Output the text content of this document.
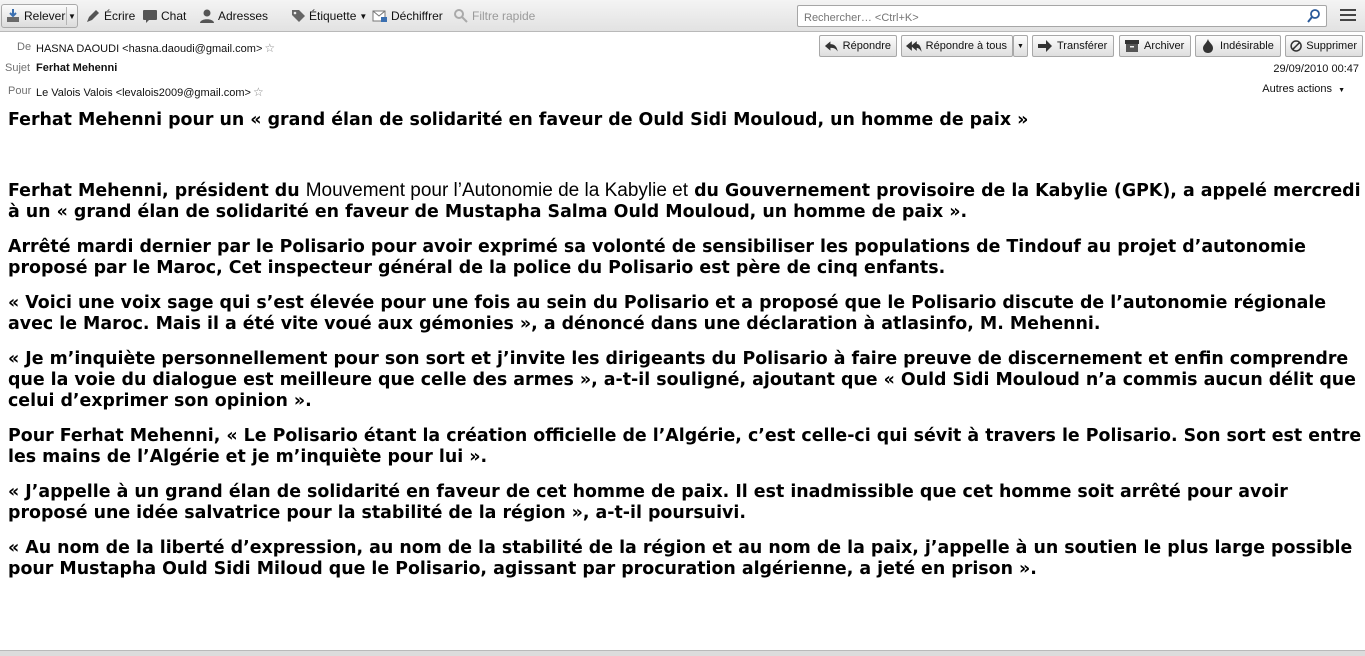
Relever ▼ Écrire Chat	Adresses	Étiquette ▼ Déchiffrer Filtre rapide
Rechercher… <Ctrl+K>
De HASNA DAOUDI <hasna.daoudi@gmail.com> ☆
Sujet Ferhat Mehenni
Pour Le Valois Valois <levalois2009@gmail.com> ☆
Répondre	Répondre à tous ▼	Transférer	Archiver	Indésirable	Supprimer
29/09/2010 00:47
Autres actions ▼

Ferhat Mehenni pour un « grand élan de solidarité en faveur de Ould Sidi Mouloud, un homme de paix »

Ferhat Mehenni, président du Mouvement pour l’Autonomie de la Kabylie et du Gouvernement provisoire de la Kabylie (GPK), a appelé mercredi à un « grand élan de solidarité en faveur de Mustapha Salma Ould Mouloud, un homme de paix ».

Arrêté mardi dernier par le Polisario pour avoir exprimé sa volonté de sensibiliser les populations de Tindouf au projet d’autonomie proposé par le Maroc, Cet inspecteur général de la police du Polisario est père de cinq enfants.

« Voici une voix sage qui s’est élevée pour une fois au sein du Polisario et a proposé que le Polisario discute de l’autonomie régionale avec le Maroc. Mais il a été vite voué aux gémonies », a dénoncé dans une déclaration à atlasinfo, M. Mehenni.

« Je m’inquiète personnellement pour son sort et j’invite les dirigeants du Polisario à faire preuve de discernement et enfin comprendre que la voie du dialogue est meilleure que celle des armes », a-t-il souligné, ajoutant que « Ould Sidi Mouloud n’a commis aucun délit que celui d’exprimer son opinion ».

Pour Ferhat Mehenni, « Le Polisario étant la création officielle de l’Algérie, c’est celle-ci qui sévit à travers le Polisario. Son sort est entre les mains de l’Algérie et je m’inquiète pour lui ».

« J’appelle à un grand élan de solidarité en faveur de cet homme de paix. Il est inadmissible que cet homme soit arrêté pour avoir proposé une idée salvatrice pour la stabilité de la région », a-t-il poursuivi.

« Au nom de la liberté d’expression, au nom de la stabilité de la région et au nom de la paix, j’appelle à un soutien le plus large possible pour Mustapha Ould Sidi Miloud que le Polisario, agissant par procuration algérienne, a jeté en prison ».
